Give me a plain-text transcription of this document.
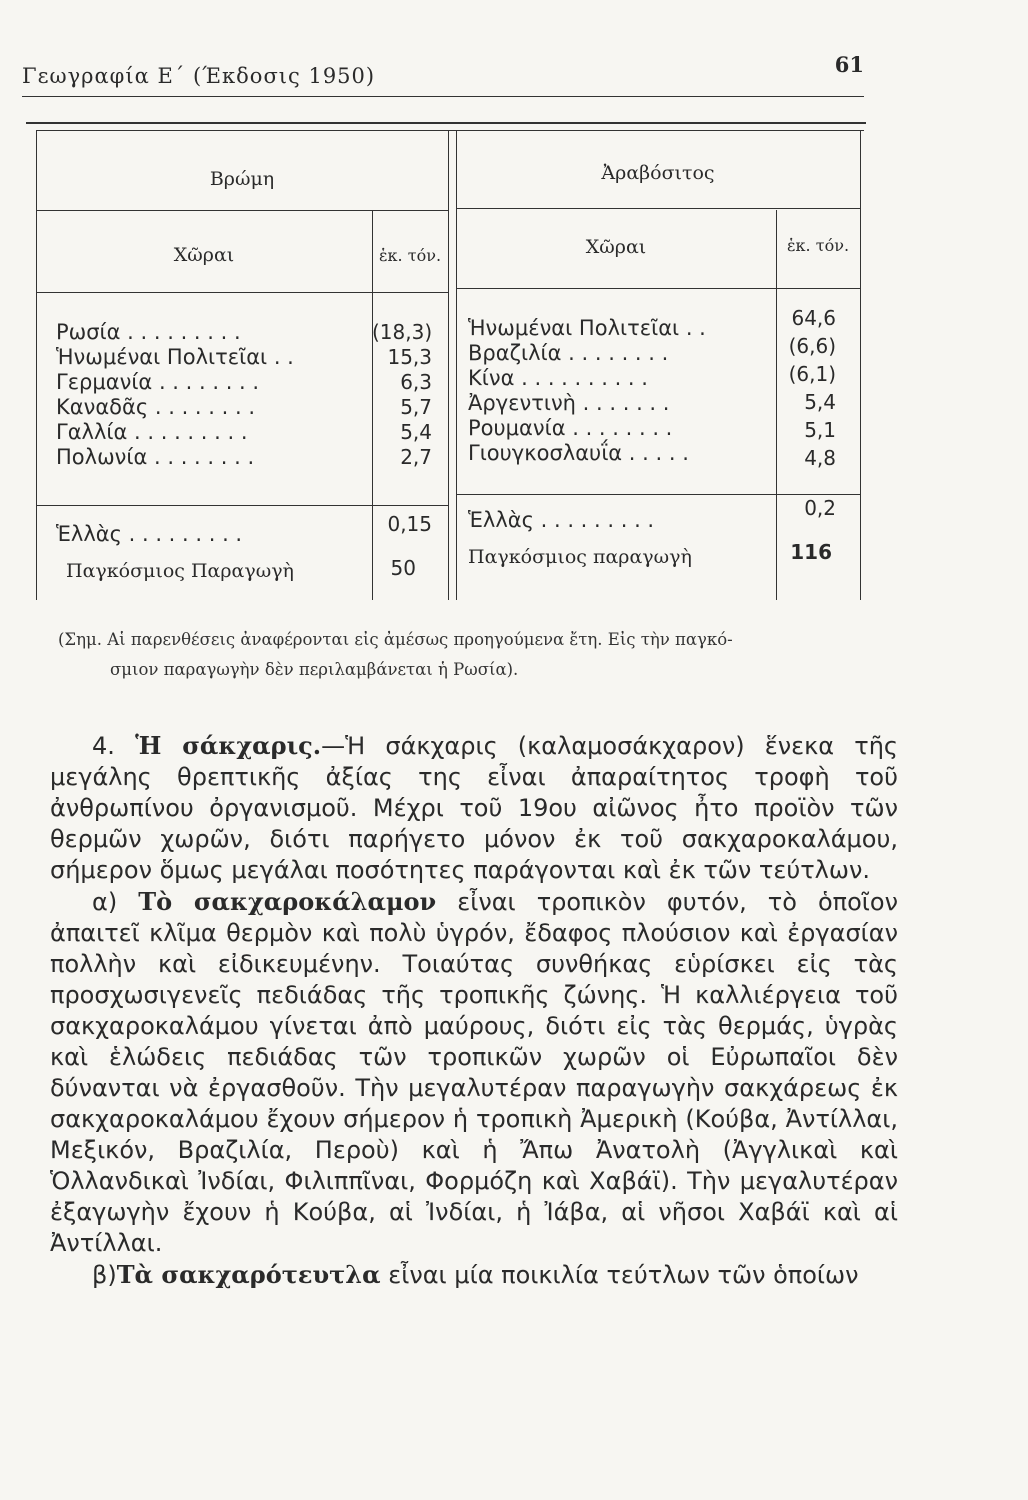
Γεωγραφία Ε΄ (Έκδοσις 1950)	61
Βρώμη
Χῶραι	ἑκ. τόν.
Ρωσία . . . . . . . . .	(18,3)
Ἡνωμέναι Πολιτεῖαι . .	15,3
Γερμανία . . . . . . . .	6,3
Καναδᾶς . . . . . . . .	5,7
Γαλλία . . . . . . . . .	5,4
Πολωνία . . . . . . . .	2,7
Ἑλλὰς . . . . . . . . .	0,15
Παγκόσμιος Παραγωγὴ	50
Ἀραβόσιτος
Χῶραι	ἑκ. τόν.
Ἡνωμέναι Πολιτεῖαι . .	64,6
Βραζιλία . . . . . . . .	(6,6)
Κίνα . . . . . . . . . .	(6,1)
Ἀργεντινὴ . . . . . . .	5,4
Ρουμανία . . . . . . . .	5,1
Γιουγκοσλαυΐα . . . . .	4,8
Ἑλλὰς . . . . . . . . .	0,2
Παγκόσμιος παραγωγὴ	116
(Σημ. Αἱ παρενθέσεις ἀναφέρονται εἰς ἀμέσως προηγούμενα ἔτη. Εἰς τὴν παγκό-
σμιον παραγωγὴν δὲν περιλαμβάνεται ἡ Ρωσία).

4. Ἡ σάκχαρις.—Ἡ σάκχαρις (καλαμοσάκχαρον) ἕνεκα τῆς μεγάλης θρεπτικῆς ἀξίας της εἶναι ἀπαραίτητος τροφὴ τοῦ ἀνθρωπίνου ὀργανισμοῦ. Μέχρι τοῦ 19ου αἰῶνος ἦτο προϊὸν τῶν θερμῶν χωρῶν, διότι παρήγετο μόνον ἐκ τοῦ σακχαροκαλάμου, σήμερον ὅμως μεγάλαι ποσότητες παράγονται καὶ ἐκ τῶν τεύτλων.

α) Τὸ σακχαροκάλαμον εἶναι τροπικὸν φυτόν, τὸ ὁποῖον ἀπαιτεῖ κλῖμα θερμὸν καὶ πολὺ ὑγρόν, ἔδαφος πλούσιον καὶ ἐργασίαν πολλὴν καὶ εἰδικευμένην. Τοιαύτας συνθήκας εὑρίσκει εἰς τὰς προσχωσιγενεῖς πεδιάδας τῆς τροπικῆς ζώνης. Ἡ καλλιέργεια τοῦ σακχαροκαλάμου γίνεται ἀπὸ μαύρους, διότι εἰς τὰς θερμάς, ὑγρὰς καὶ ἑλώδεις πεδιάδας τῶν τροπικῶν χωρῶν οἱ Εὐρωπαῖοι δὲν δύνανται νὰ ἐργασθοῦν. Τὴν μεγαλυτέραν παραγωγὴν σακχάρεως ἐκ σακχαροκαλάμου ἔχουν σήμερον ἡ τροπικὴ Ἀμερικὴ (Κούβα, Ἀντίλλαι, Μεξικόν, Βραζιλία, Περοὺ) καὶ ἡ Ἄπω Ἀνατολὴ (Ἀγγλικαὶ καὶ Ὁλλανδικαὶ Ἰνδίαι, Φιλιππῖναι, Φορμόζη καὶ Χαβάϊ). Τὴν μεγαλυτέραν ἐξαγωγὴν ἔχουν ἡ Κούβα, αἱ Ἰνδίαι, ἡ Ἰάβα, αἱ νῆσοι Χαβάϊ καὶ αἱ Ἀντίλλαι.

β)Τὰ σακχαρότευτλα εἶναι μία ποικιλία τεύτλων τῶν ὁποίων
